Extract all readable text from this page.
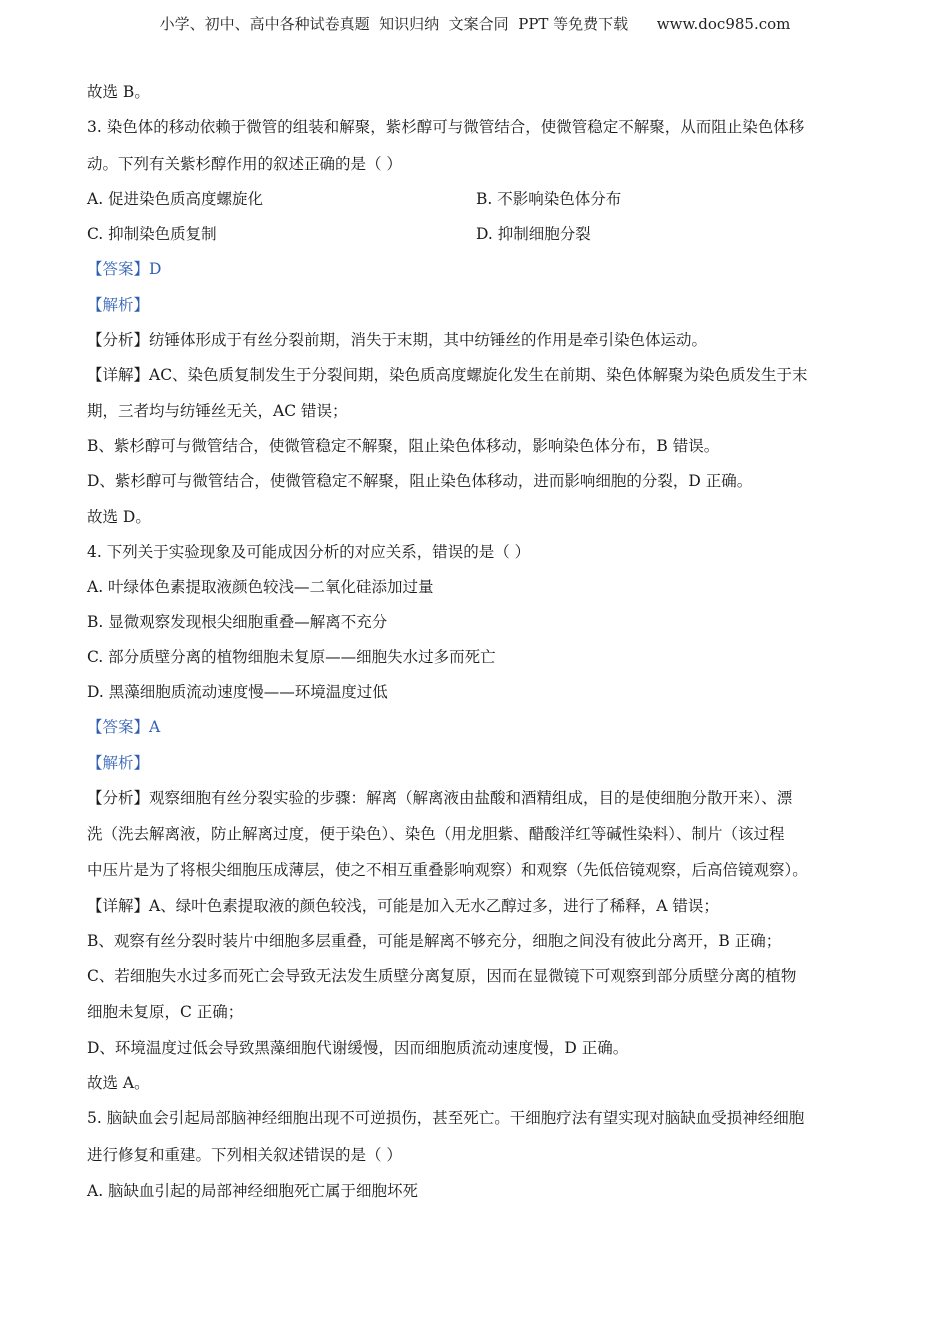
小学、初中、高中各种试卷真题  知识归纳  文案合同  PPT 等免费下载      www.doc985.com
故选 B。
3. 染色体的移动依赖于微管的组装和解聚，紫杉醇可与微管结合，使微管稳定不解聚，从而阻止染色体移
动。下列有关紫杉醇作用的叙述正确的是（ ）
A. 促进染色质高度螺旋化	B. 不影响染色体分布
C. 抑制染色质复制	D. 抑制细胞分裂
【答案】D
【解析】
【分析】纺锤体形成于有丝分裂前期，消失于末期，其中纺锤丝的作用是牵引染色体运动。
【详解】AC、染色质复制发生于分裂间期，染色质高度螺旋化发生在前期、染色体解聚为染色质发生于末
期，三者均与纺锤丝无关，AC 错误；
B、紫杉醇可与微管结合，使微管稳定不解聚，阻止染色体移动，影响染色体分布，B 错误。
D、紫杉醇可与微管结合，使微管稳定不解聚，阻止染色体移动，进而影响细胞的分裂，D 正确。
故选 D。
4. 下列关于实验现象及可能成因分析的对应关系，错误的是（ ）
A. 叶绿体色素提取液颜色较浅—二氧化硅添加过量
B. 显微观察发现根尖细胞重叠—解离不充分
C. 部分质壁分离的植物细胞未复原——细胞失水过多而死亡
D. 黑藻细胞质流动速度慢——环境温度过低
【答案】A
【解析】
【分析】观察细胞有丝分裂实验的步骤：解离（解离液由盐酸和酒精组成，目的是使细胞分散开来）、漂
洗（洗去解离液，防止解离过度，便于染色）、染色（用龙胆紫、醋酸洋红等碱性染料）、制片（该过程
中压片是为了将根尖细胞压成薄层，使之不相互重叠影响观察）和观察（先低倍镜观察，后高倍镜观察）。
【详解】A、绿叶色素提取液的颜色较浅，可能是加入无水乙醇过多，进行了稀释，A 错误；
B、观察有丝分裂时装片中细胞多层重叠，可能是解离不够充分，细胞之间没有彼此分离开，B 正确；
C、若细胞失水过多而死亡会导致无法发生质壁分离复原，因而在显微镜下可观察到部分质壁分离的植物
细胞未复原，C 正确；
D、环境温度过低会导致黑藻细胞代谢缓慢，因而细胞质流动速度慢，D 正确。
故选 A。
5. 脑缺血会引起局部脑神经细胞出现不可逆损伤，甚至死亡。干细胞疗法有望实现对脑缺血受损神经细胞
进行修复和重建。下列相关叙述错误的是（ ）
A. 脑缺血引起的局部神经细胞死亡属于细胞坏死
